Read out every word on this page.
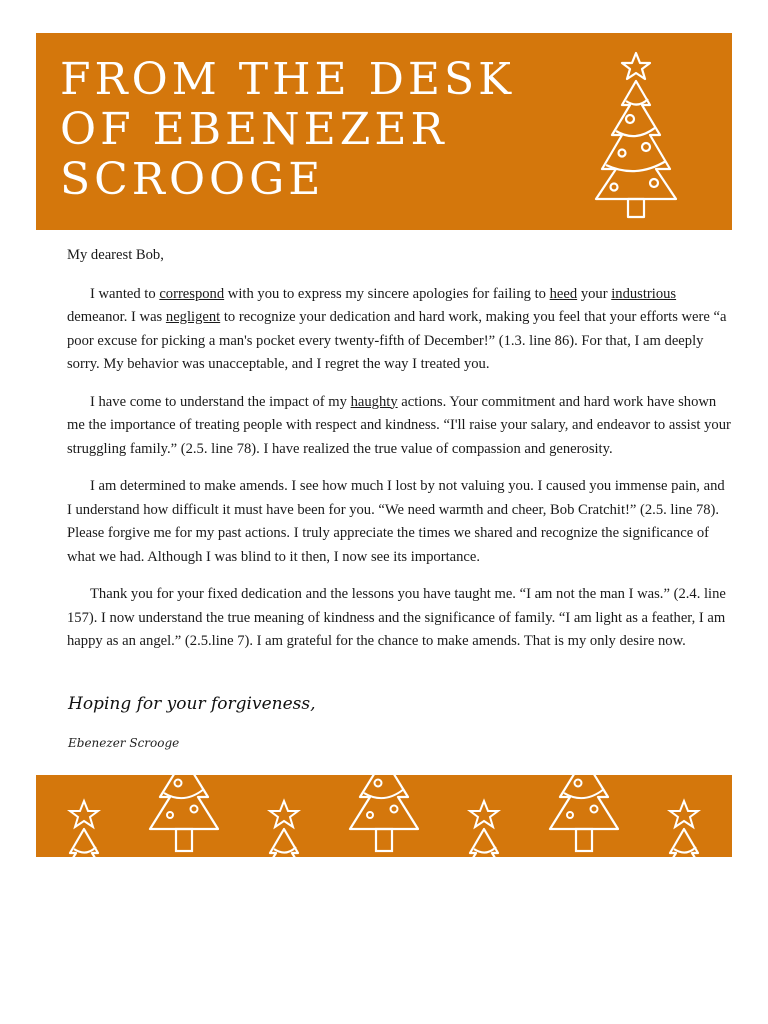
FROM THE DESK OF EBENEZER SCROOGE

My dearest Bob,

I wanted to correspond with you to express my sincere apologies for failing to heed your industrious demeanor. I was negligent to recognize your dedication and hard work, making you feel that your efforts were “a poor excuse for picking a man's pocket every twenty-fifth of December!” (1.3. line 86). For that, I am deeply sorry. My behavior was unacceptable, and I regret the way I treated you.

I have come to understand the impact of my haughty actions. Your commitment and hard work have shown me the importance of treating people with respect and kindness. “I'll raise your salary, and endeavor to assist your struggling family.” (2.5. line 78). I have realized the true value of compassion and generosity.

I am determined to make amends. I see how much I lost by not valuing you. I caused you immense pain, and I understand how difficult it must have been for you. “We need warmth and cheer, Bob Cratchit!” (2.5. line 78). Please forgive me for my past actions. I truly appreciate the times we shared and recognize the significance of what we had. Although I was blind to it then, I now see its importance.

Thank you for your fixed dedication and the lessons you have taught me. “I am not the man I was.” (2.4. line 157). I now understand the true meaning of kindness and the significance of family. “I am light as a feather, I am happy as an angel.” (2.5.line 7). I am grateful for the chance to make amends. That is my only desire now.

Hoping for your forgiveness,
Ebenezer Scrooge
